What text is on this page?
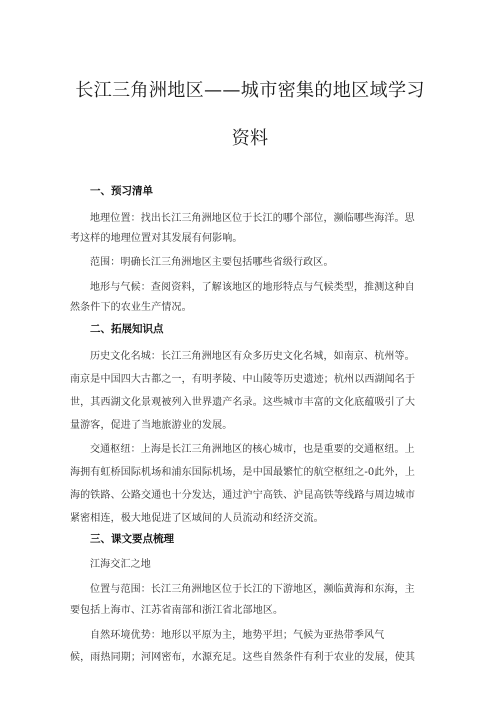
长江三角洲地区——城市密集的地区域学习
资料
一、预习清单
地理位置：找出长江三角洲地区位于长江的哪个部位，濒临哪些海洋。思
考这样的地理位置对其发展有何影响。
范围：明确长江三角洲地区主要包括哪些省级行政区。
地形与气候：查阅资料，了解该地区的地形特点与气候类型，推测这种自
然条件下的农业生产情况。
二、拓展知识点
历史文化名城：长江三角洲地区有众多历史文化名城，如南京、杭州等。
南京是中国四大古都之一，有明孝陵、中山陵等历史遗迹；杭州以西湖闻名于
世，其西湖文化景观被列入世界遗产名录。这些城市丰富的文化底蕴吸引了大
量游客，促进了当地旅游业的发展。
交通枢纽：上海是长江三角洲地区的核心城市，也是重要的交通枢纽。上
海拥有虹桥国际机场和浦东国际机场，是中国最繁忙的航空枢纽之-0此外，上
海的铁路、公路交通也十分发达，通过沪宁高铁、沪昆高铁等线路与周边城市
紧密相连，极大地促进了区域间的人员流动和经济交流。
三、课文要点梳理
江海交汇之地
位置与范围：长江三角洲地区位于长江的下游地区，濒临黄海和东海，主
要包括上海市、江苏省南部和浙江省北部地区。
自然环境优势：地形以平原为主，地势平坦；气候为亚热带季风气
候，雨热同期；河网密布，水源充足。这些自然条件有利于农业的发展，使其
